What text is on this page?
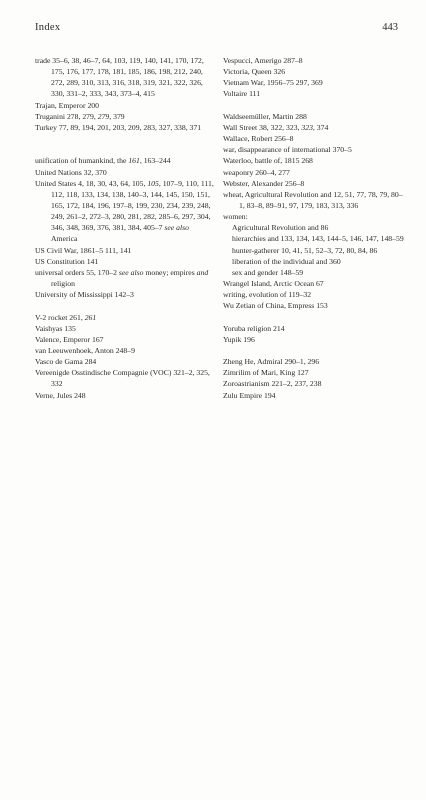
Index	443
trade 35–6, 38, 46–7, 64, 103, 119, 140, 141, 170, 172, 175, 176, 177, 178, 181, 185, 186, 198, 212, 240, 272, 289, 310, 313, 316, 318, 319, 321, 322, 326, 330, 331–2, 333, 343, 373–4, 415
Trajan, Emperor 200
Truganini 278, 279, 279, 379
Turkey 77, 89, 194, 201, 203, 209, 283, 327, 338, 371
unification of humankind, the 161, 163–244
United Nations 32, 370
United States 4, 18, 30, 43, 64, 105, 105, 107–9, 110, 111, 112, 118, 133, 134, 138, 140–3, 144, 145, 150, 151, 165, 172, 184, 196, 197–8, 199, 230, 234, 239, 248, 249, 261–2, 272–3, 280, 281, 282, 285–6, 297, 304, 346, 348, 369, 376, 381, 384, 405–7 see also America
US Civil War, 1861–5 111, 141
US Constitution 141
universal orders 55, 170–2 see also money; empires and religion
University of Mississippi 142–3
V-2 rocket 261, 261
Vaishyas 135
Valence, Emperor 167
van Leeuwenhoek, Anton 248–9
Vasco de Gama 284
Vereenigde Osstindische Compagnie (VOC) 321–2, 325, 332
Verne, Jules 248
Vespucci, Amerigo 287–8
Victoria, Queen 326
Vietnam War, 1956–75 297, 369
Voltaire 111
Waldseemüller, Martin 288
Wall Street 38, 322, 323, 323, 374
Wallace, Robert 256–8
war, disappearance of international 370–5
Waterloo, battle of, 1815 268
weaponry 260–4, 277
Webster, Alexander 256–8
wheat, Agricultural Revolution and 12, 51, 77, 78, 79, 80–1, 83–8, 89–91, 97, 179, 183, 313, 336
women:
Agricultural Revolution and 86
hierarchies and 133, 134, 143, 144–5, 146, 147, 148–59
hunter-gatherer 10, 41, 51, 52–3, 72, 80, 84, 86
liberation of the individual and 360
sex and gender 148–59
Wrangel Island, Arctic Ocean 67
writing, evolution of 119–32
Wu Zetian of China, Empress 153
Yoruba religion 214
Yupik 196
Zheng He, Admiral 290–1, 296
Zimrilim of Mari, King 127
Zoroastrianism 221–2, 237, 238
Zulu Empire 194
